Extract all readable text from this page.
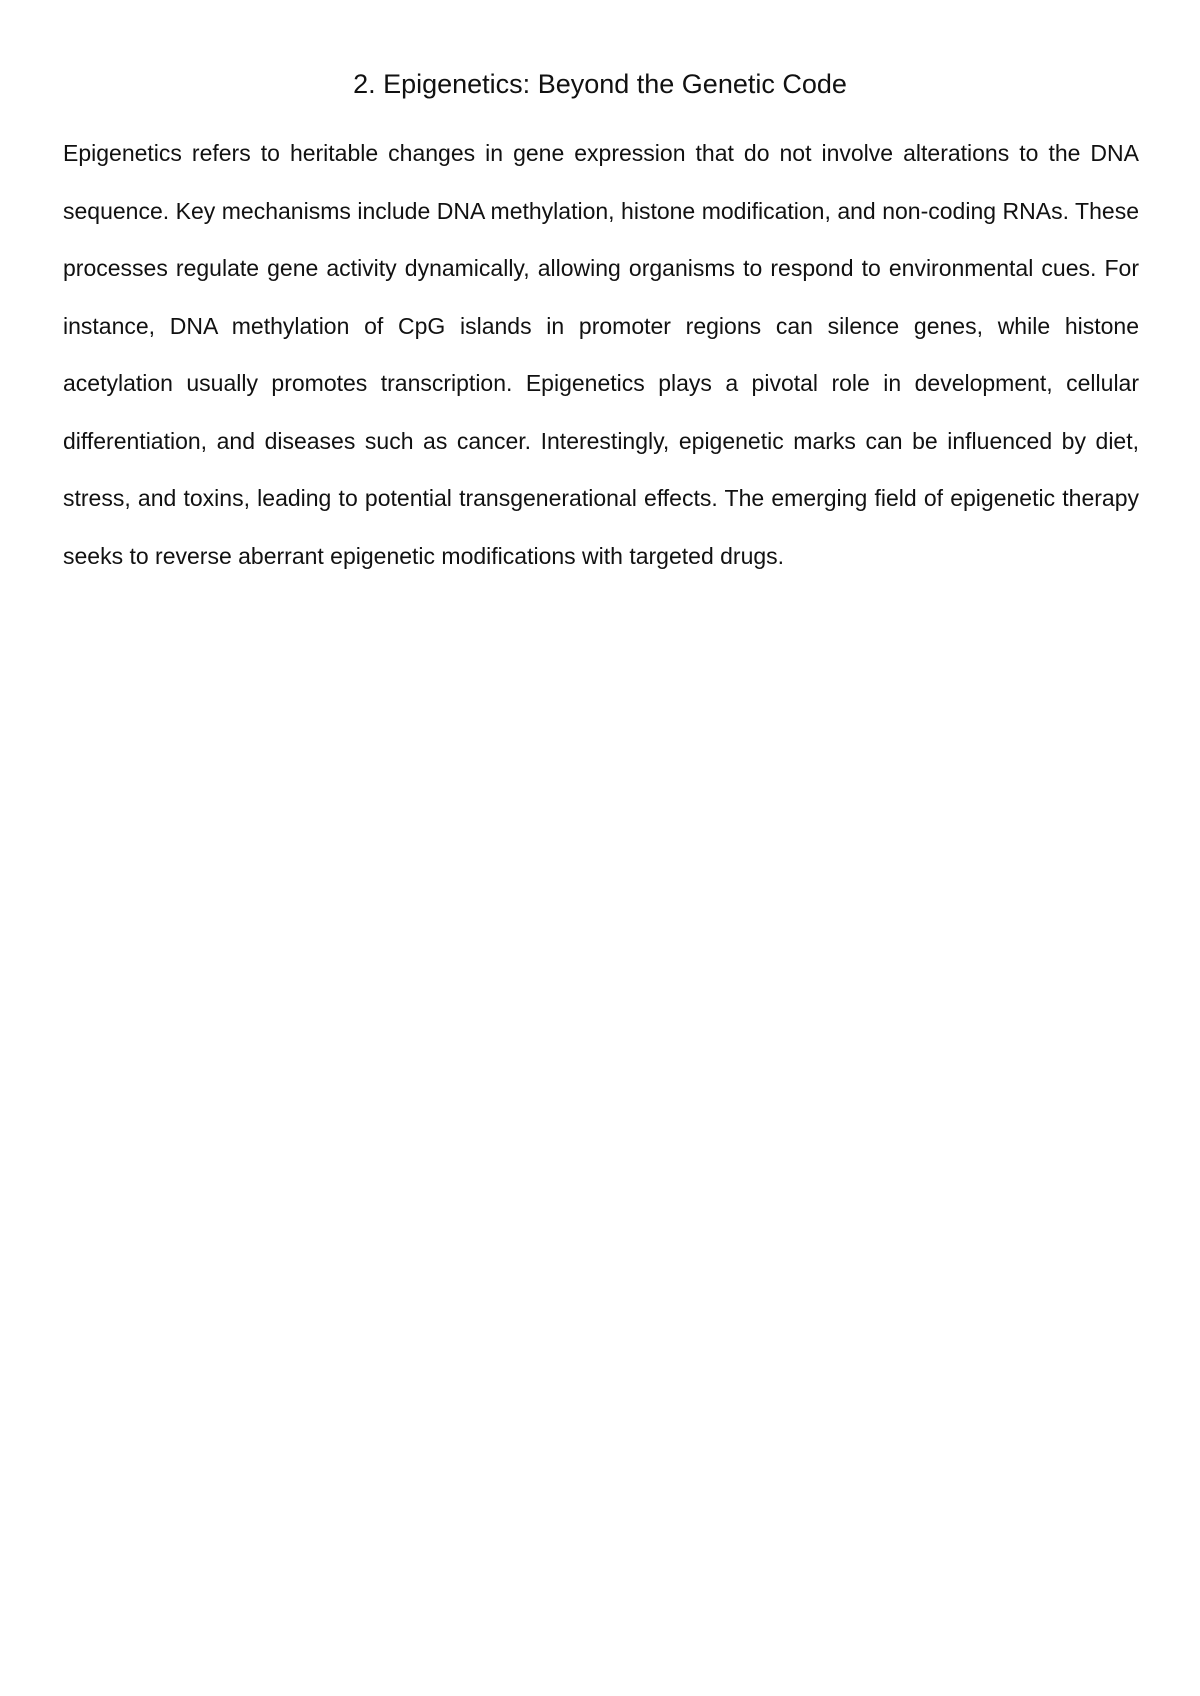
2. Epigenetics: Beyond the Genetic Code

Epigenetics refers to heritable changes in gene expression that do not involve alterations to the DNA sequence. Key mechanisms include DNA methylation, histone modification, and non-coding RNAs. These processes regulate gene activity dynamically, allowing organisms to respond to environmental cues. For instance, DNA methylation of CpG islands in promoter regions can silence genes, while histone acetylation usually promotes transcription. Epigenetics plays a pivotal role in development, cellular differentiation, and diseases such as cancer. Interestingly, epigenetic marks can be influenced by diet, stress, and toxins, leading to potential transgenerational effects. The emerging field of epigenetic therapy seeks to reverse aberrant epigenetic modifications with targeted drugs.
